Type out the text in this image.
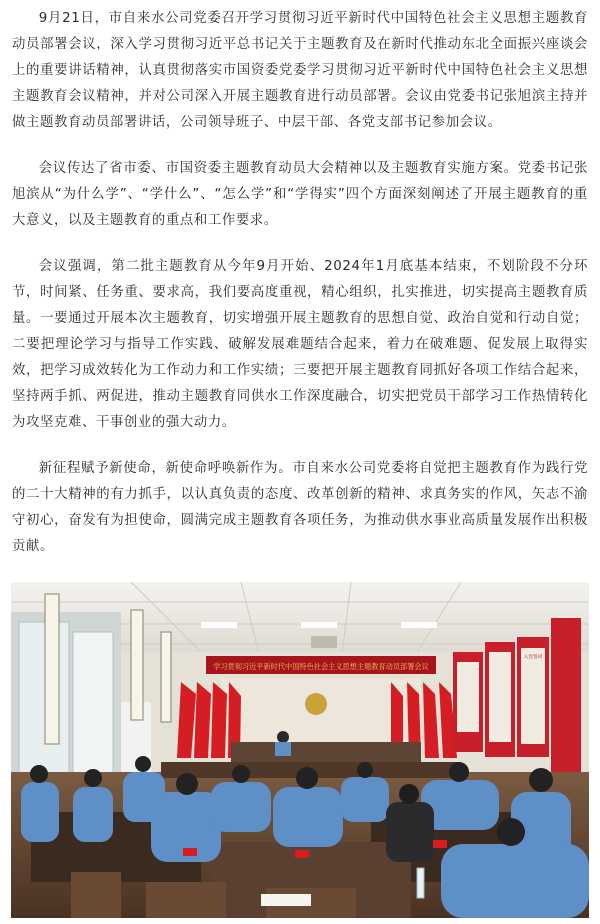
9月21日，市自来水公司党委召开学习贯彻习近平新时代中国特色社会主义思想主题教育动员部署会议，深入学习贯彻习近平总书记关于主题教育及在新时代推动东北全面振兴座谈会上的重要讲话精神，认真贯彻落实市国资委党委学习贯彻习近平新时代中国特色社会主义思想主题教育会议精神，并对公司深入开展主题教育进行动员部署。会议由党委书记张旭滨主持并做主题教育动员部署讲话，公司领导班子、中层干部、各党支部书记参加会议。

会议传达了省市委、市国资委主题教育动员大会精神以及主题教育实施方案。党委书记张旭滨从“为什么学”、“学什么”、“怎么学”和“学得实”四个方面深刻阐述了开展主题教育的重大意义，以及主题教育的重点和工作要求。

会议强调，第二批主题教育从今年9月开始、2024年1月底基本结束，不划阶段不分环节，时间紧、任务重、要求高，我们要高度重视，精心组织，扎实推进，切实提高主题教育质量。一要通过开展本次主题教育，切实增强开展主题教育的思想自觉、政治自觉和行动自觉；二要把理论学习与指导工作实践、破解发展难题结合起来，着力在破难题、促发展上取得实效，把学习成效转化为工作动力和工作实绩；三要把开展主题教育同抓好各项工作结合起来，坚持两手抓、两促进，推动主题教育同供水工作深度融合，切实把党员干部学习工作热情转化为攻坚克难、干事创业的强大动力。

新征程赋予新使命，新使命呼唤新作为。市自来水公司党委将自觉把主题教育作为践行党的二十大精神的有力抓手，以认真负责的态度、改革创新的精神、求真务实的作风，矢志不渝守初心，奋发有为担使命，圆满完成主题教育各项任务，为推动供水事业高质量发展作出积极贡献。

学习贯彻习近平新时代中国特色社会主义思想主题教育动员部署会议
入党誓词
